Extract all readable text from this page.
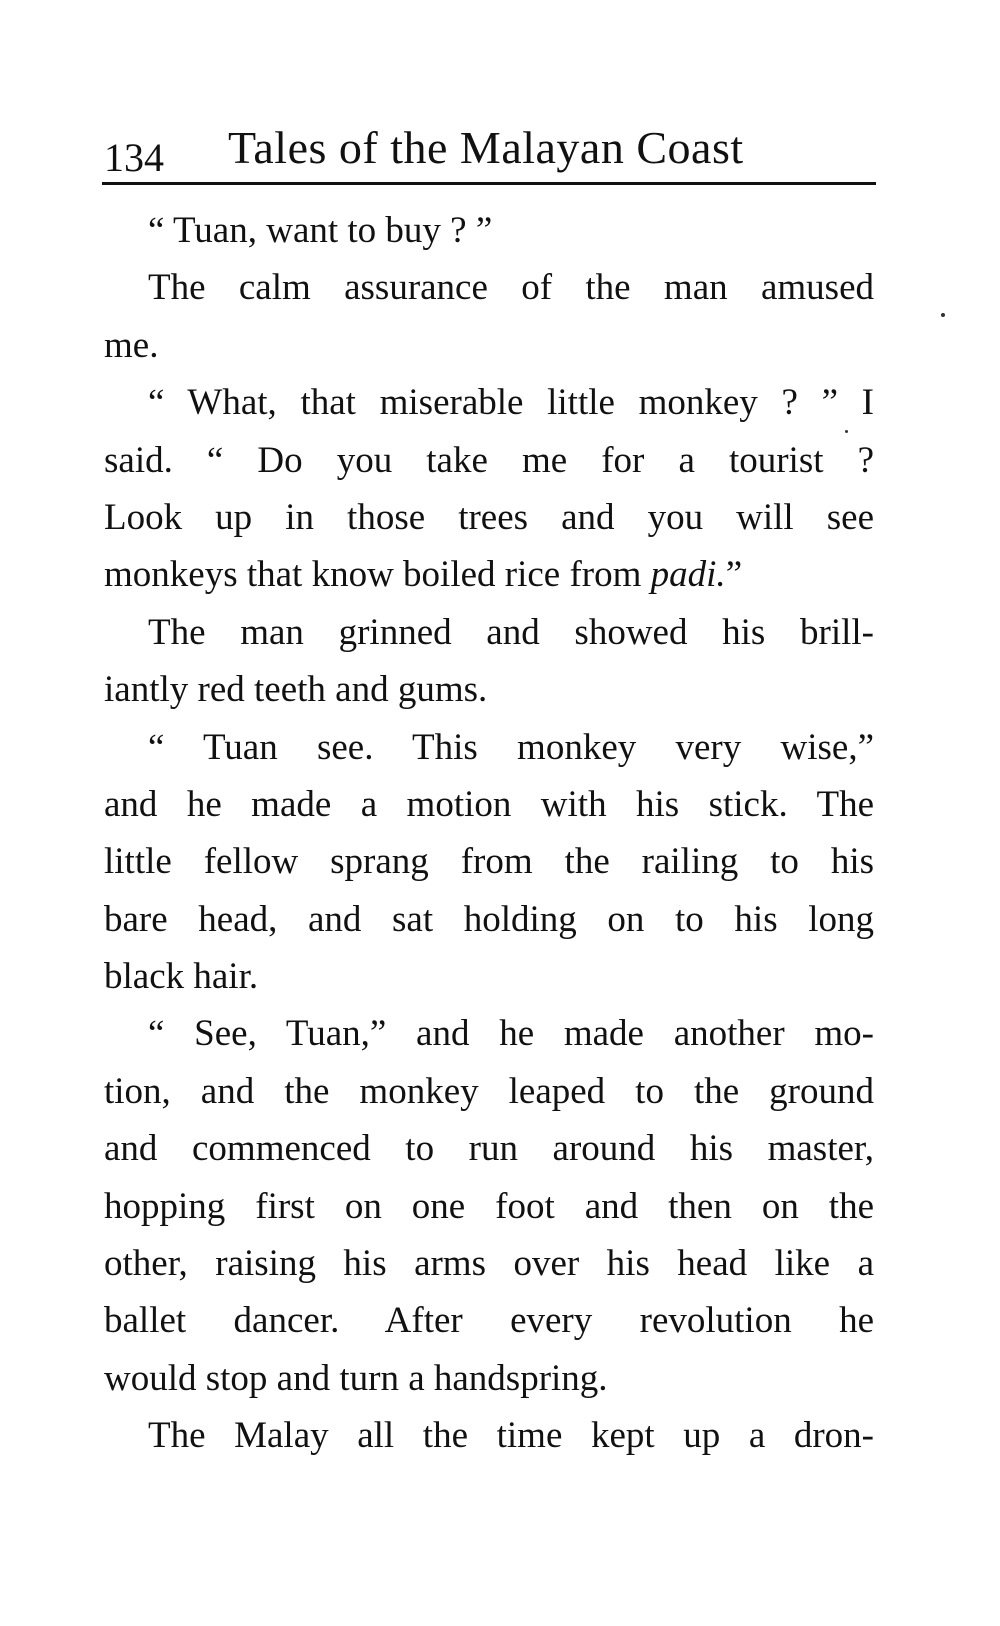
134 Tales of the Malayan Coast
“ Tuan, want to buy ? ”
The calm assurance of the man amused
me.
“ What, that miserable little monkey ? ” I
said. “ Do you take me for a tourist ?
Look up in those trees and you will see
monkeys that know boiled rice from padi.”
The man grinned and showed his brill-
iantly red teeth and gums.
“ Tuan see. This monkey very wise,”
and he made a motion with his stick. The
little fellow sprang from the railing to his
bare head, and sat holding on to his long
black hair.
“ See, Tuan,” and he made another mo-
tion, and the monkey leaped to the ground
and commenced to run around his master,
hopping first on one foot and then on the
other, raising his arms over his head like a
ballet dancer. After every revolution he
would stop and turn a handspring.
The Malay all the time kept up a dron-
